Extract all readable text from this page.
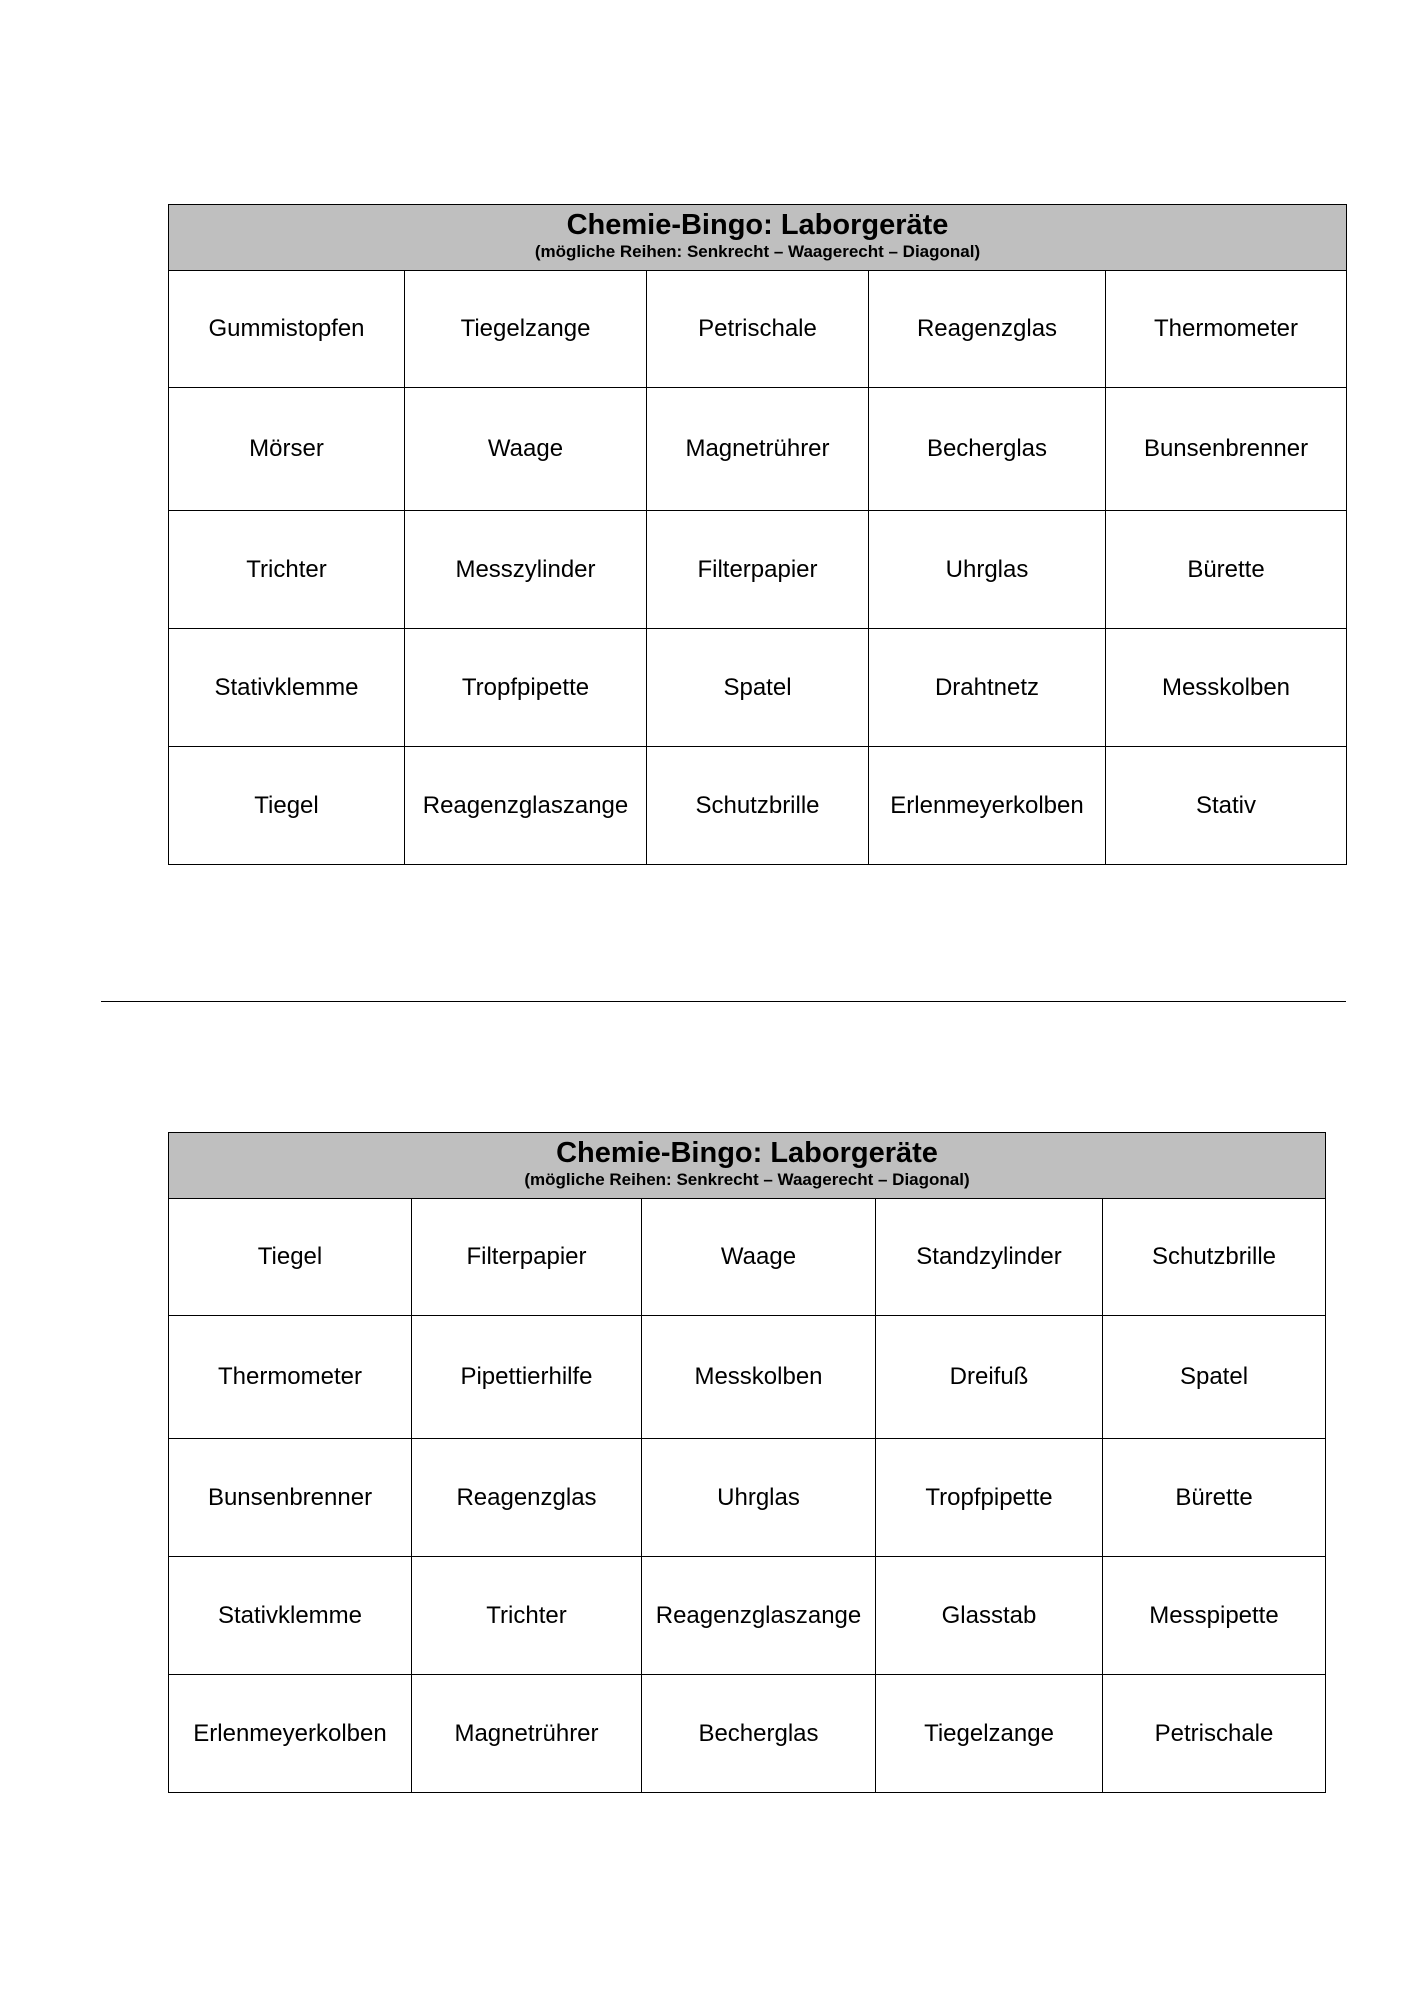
Chemie-Bingo: Laborgeräte
(mögliche Reihen: Senkrecht – Waagerecht – Diagonal)				

Gummistopfen	Tiegelzange	Petrischale	Reagenzglas	Thermometer
Mörser	Waage	Magnetrührer	Becherglas	Bunsenbrenner
Trichter	Messzylinder	Filterpapier	Uhrglas	Bürette
Stativklemme	Tropfpipette	Spatel	Drahtnetz	Messkolben
Tiegel	Reagenzglaszange	Schutzbrille	Erlenmeyerkolben	Stativ
Chemie-Bingo: Laborgeräte
(mögliche Reihen: Senkrecht – Waagerecht – Diagonal)				

Tiegel	Filterpapier	Waage	Standzylinder	Schutzbrille
Thermometer	Pipettierhilfe	Messkolben	Dreifuß	Spatel
Bunsenbrenner	Reagenzglas	Uhrglas	Tropfpipette	Bürette
Stativklemme	Trichter	Reagenzglaszange	Glasstab	Messpipette
Erlenmeyerkolben	Magnetrührer	Becherglas	Tiegelzange	Petrischale
